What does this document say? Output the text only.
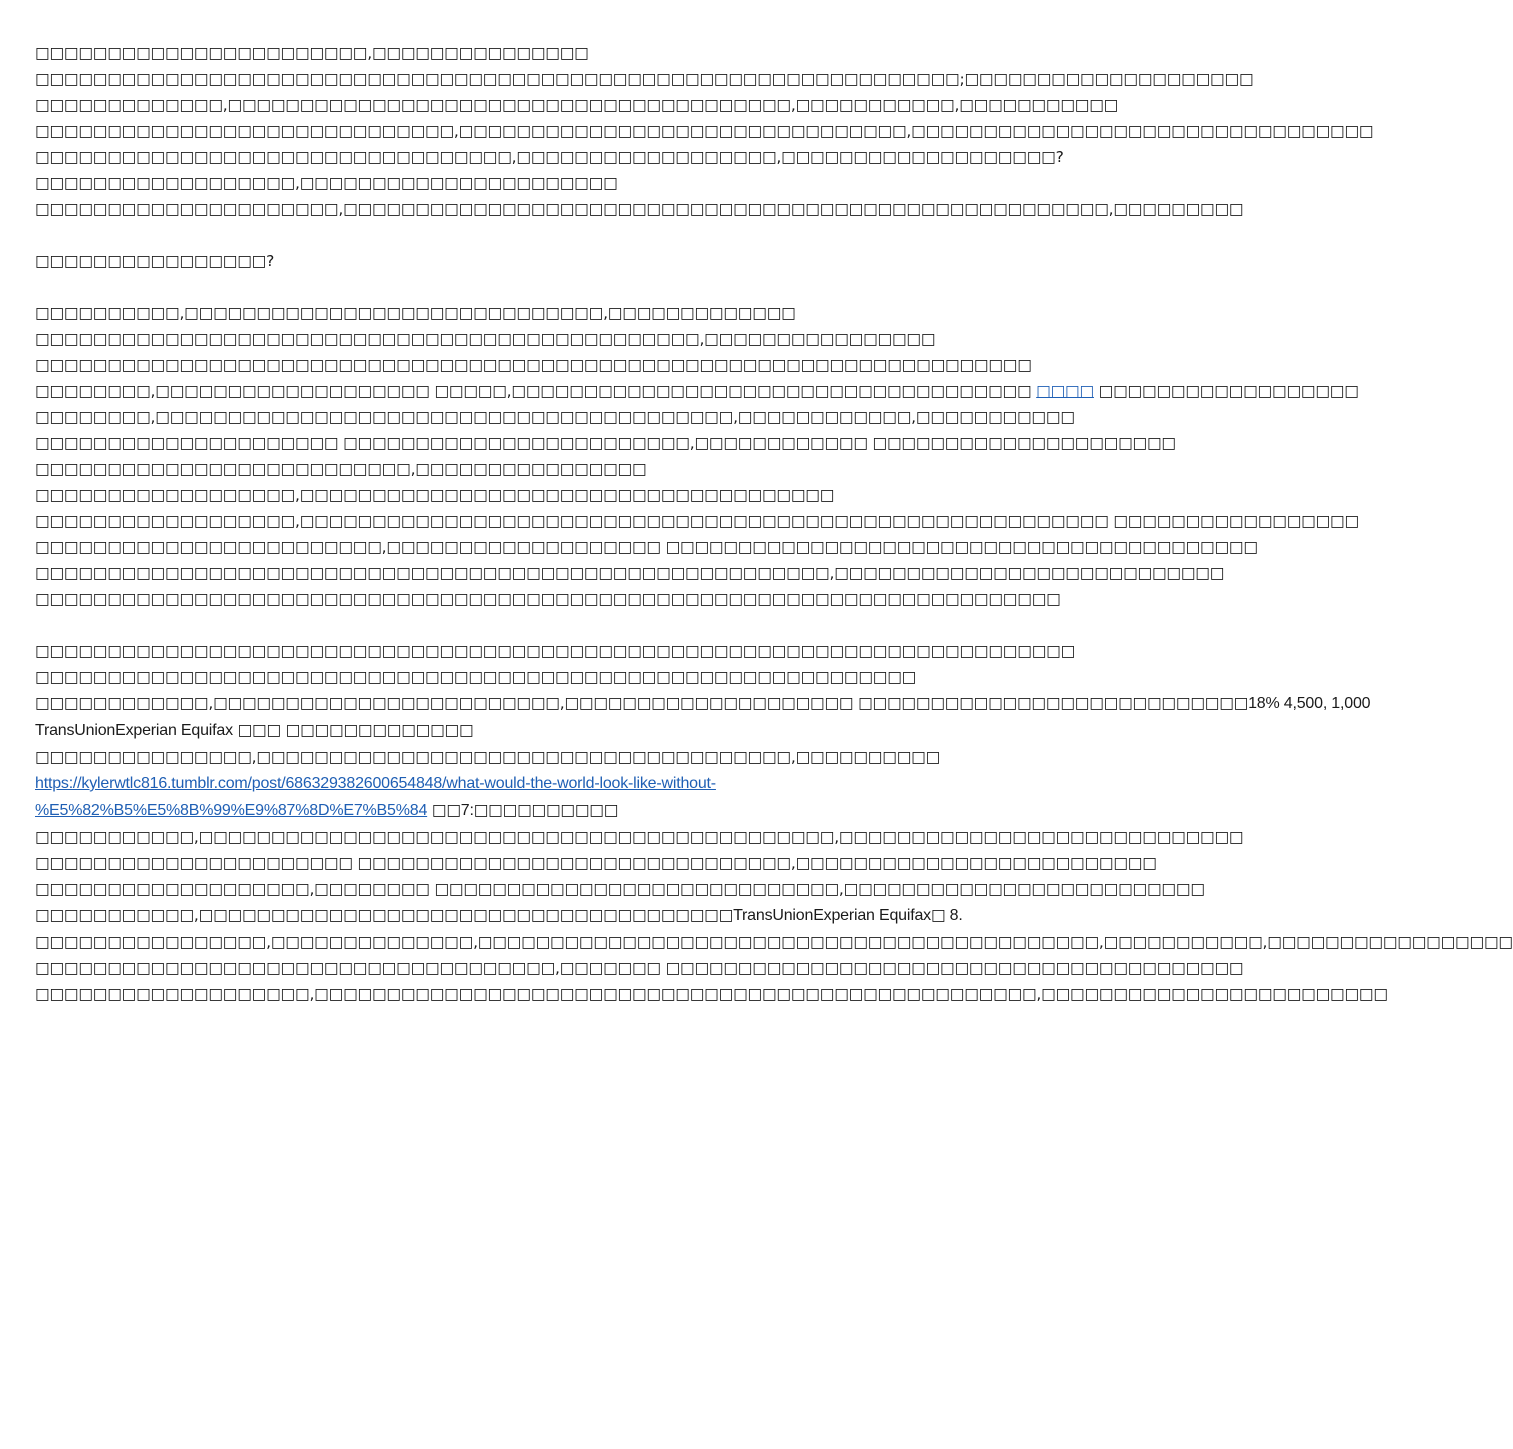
□□□□□□□□□□□□□□□□□□□□□□□,□□□□□□□□□□□□□□□
□□□□□□□□□□□□□□□□□□□□□□□□□□□□□□□□□□□□□□□□□□□□□□□□□□□□□□□□□□□□□□□□;□□□□□□□□□□□□□□□□□□□□
□□□□□□□□□□□□□,□□□□□□□□□□□□□□□□□□□□□□□□□□□□□□□□□□□□□□□,□□□□□□□□□□□,□□□□□□□□□□□
□□□□□□□□□□□□□□□□□□□□□□□□□□□□□,□□□□□□□□□□□□□□□□□□□□□□□□□□□□□□□,□□□□□□□□□□□□□□□□□□□□□□□□□□□□□□□□
□□□□□□□□□□□□□□□□□□□□□□□□□□□□□□□□□,□□□□□□□□□□□□□□□□□□,□□□□□□□□□□□□□□□□□□□?
□□□□□□□□□□□□□□□□□□,□□□□□□□□□□□□□□□□□□□□□□
□□□□□□□□□□□□□□□□□□□□□,□□□□□□□□□□□□□□□□□□□□□□□□□□□□□□□□□□□□□□□□□□□□□□□□□□□□□,□□□□□□□□□
□□□□□□□□□□□□□□□□?
□□□□□□□□□□,□□□□□□□□□□□□□□□□□□□□□□□□□□□□□,□□□□□□□□□□□□□
□□□□□□□□□□□□□□□□□□□□□□□□□□□□□□□□□□□□□□□□□□□□□□,□□□□□□□□□□□□□□□□
□□□□□□□□□□□□□□□□□□□□□□□□□□□□□□□□□□□□□□□□□□□□□□□□□□□□□□□□□□□□□□□□□□□□□
□□□□□□□□,□□□□□□□□□□□□□□□□□□□ □□□□□,□□□□□□□□□□□□□□□□□□□□□□□□□□□□□□□□□□□□ □□□□ □□□□□□□□□□□□□□□□□□
□□□□□□□□,□□□□□□□□□□□□□□□□□□□□□□□□□□□□□□□□□□□□□□□□,□□□□□□□□□□□□,□□□□□□□□□□□
□□□□□□□□□□□□□□□□□□□□□ □□□□□□□□□□□□□□□□□□□□□□□□,□□□□□□□□□□□□ □□□□□□□□□□□□□□□□□□□□□
□□□□□□□□□□□□□□□□□□□□□□□□□□,□□□□□□□□□□□□□□□□
□□□□□□□□□□□□□□□□□□,□□□□□□□□□□□□□□□□□□□□□□□□□□□□□□□□□□□□□
□□□□□□□□□□□□□□□□□□,□□□□□□□□□□□□□□□□□□□□□□□□□□□□□□□□□□□□□□□□□□□□□□□□□□□□□□□□ □□□□□□□□□□□□□□□□□
□□□□□□□□□□□□□□□□□□□□□□□□,□□□□□□□□□□□□□□□□□□□ □□□□□□□□□□□□□□□□□□□□□□□□□□□□□□□□□□□□□□□□□
□□□□□□□□□□□□□□□□□□□□□□□□□□□□□□□□□□□□□□□□□□□□□□□□□□□□□□□,□□□□□□□□□□□□□□□□□□□□□□□□□□□
□□□□□□□□□□□□□□□□□□□□□□□□□□□□□□□□□□□□□□□□□□□□□□□□□□□□□□□□□□□□□□□□□□□□□□□
□□□□□□□□□□□□□□□□□□□□□□□□□□□□□□□□□□□□□□□□□□□□□□□□□□□□□□□□□□□□□□□□□□□□□□□□
□□□□□□□□□□□□□□□□□□□□□□□□□□□□□□□□□□□□□□□□□□□□□□□□□□□□□□□□□□□□□
□□□□□□□□□□□□,□□□□□□□□□□□□□□□□□□□□□□□□,□□□□□□□□□□□□□□□□□□□□ □□□□□□□□□□□□□□□□□□□□□□□□□□□18% 4,500, 1,000
TransUnionExperian Equifax □□□ □□□□□□□□□□□□□
□□□□□□□□□□□□□□□,□□□□□□□□□□□□□□□□□□□□□□□□□□□□□□□□□□□□□,□□□□□□□□□□
https://kylerwtlc816.tumblr.com/post/686329382600654848/what-would-the-world-look-like-without-
%E5%82%B5%E5%8B%99%E9%87%8D%E7%B5%84 □□7:□□□□□□□□□□
□□□□□□□□□□□,□□□□□□□□□□□□□□□□□□□□□□□□□□□□□□□□□□□□□□□□□□□□,□□□□□□□□□□□□□□□□□□□□□□□□□□□□
□□□□□□□□□□□□□□□□□□□□□□ □□□□□□□□□□□□□□□□□□□□□□□□□□□□□□,□□□□□□□□□□□□□□□□□□□□□□□□□
□□□□□□□□□□□□□□□□□□□,□□□□□□□□ □□□□□□□□□□□□□□□□□□□□□□□□□□□□,□□□□□□□□□□□□□□□□□□□□□□□□□
□□□□□□□□□□□,□□□□□□□□□□□□□□□□□□□□□□□□□□□□□□□□□□□□□TransUnionExperian Equifax□ 8.
□□□□□□□□□□□□□□□□,□□□□□□□□□□□□□□,□□□□□□□□□□□□□□□□□□□□□□□□□□□□□□□□□□□□□□□□□□□,□□□□□□□□□□□,□□□□□□□□□□□□□□□□□
□□□□□□□□□□□□□□□□□□□□□□□□□□□□□□□□□□□□,□□□□□□□ □□□□□□□□□□□□□□□□□□□□□□□□□□□□□□□□□□□□□□□□
□□□□□□□□□□□□□□□□□□□,□□□□□□□□□□□□□□□□□□□□□□□□□□□□□□□□□□□□□□□□□□□□□□□□□□,□□□□□□□□□□□□□□□□□□□□□□□□
